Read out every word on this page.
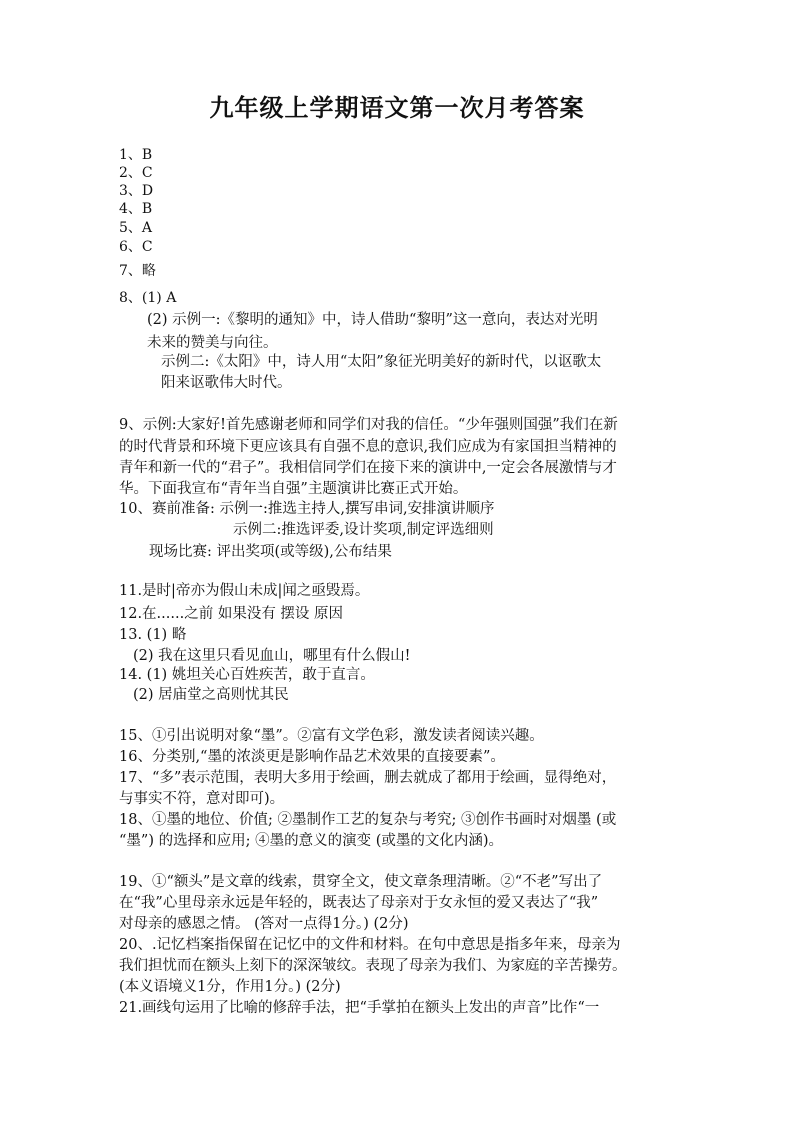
九年级上学期语文第一次月考答案
1、B
2、C
3、D
4、B
5、A
6、C
7、略
8、(1) A
(2) 示例一:《黎明的通知》中，诗人借助“黎明”这一意向，表达对光明
未来的赞美与向往。
示例二:《太阳》中，诗人用“太阳”象征光明美好的新时代，以讴歌太
阳来讴歌伟大时代。
9、示例:大家好!首先感谢老师和同学们对我的信任。“少年强则国强”我们在新
的时代背景和环境下更应该具有自强不息的意识,我们应成为有家国担当精神的
青年和新一代的“君子”。我相信同学们在接下来的演讲中,一定会各展激情与才
华。下面我宣布“青年当自强”主题演讲比赛正式开始。
10、赛前准备: 示例一:推选主持人,撰写串词,安排演讲顺序
示例二:推选评委,设计奖项,制定评选细则
现场比赛: 评出奖项(或等级),公布结果
11.是时|帝亦为假山未成|闻之亟毁焉。
12.在......之前 如果没有 摆设 原因
13. (1) 略
(2) 我在这里只看见血山，哪里有什么假山!
14. (1) 姚坦关心百姓疾苦，敢于直言。
(2) 居庙堂之高则忧其民
15、①引出说明对象“墨”。②富有文学色彩，激发读者阅读兴趣。
16、分类别,“墨的浓淡更是影响作品艺术效果的直接要素”。
17、“多”表示范围，表明大多用于绘画，删去就成了都用于绘画，显得绝对，
与事实不符，意对即可)。
18、①墨的地位、价值; ②墨制作工艺的复杂与考究; ③创作书画时对烟墨 (或
“墨”) 的选择和应用; ④墨的意义的演变 (或墨的文化内涵)。
19、①“额头”是文章的线索，贯穿全文，使文章条理清晰。②“不老”写出了
在“我”心里母亲永远是年轻的，既表达了母亲对于女永恒的爱又表达了“我”
对母亲的感恩之情。 (答对一点得1分。) (2分)
20、.记忆档案指保留在记忆中的文件和材料。在句中意思是指多年来，母亲为
我们担忧而在额头上刻下的深深皱纹。表现了母亲为我们、为家庭的辛苦操劳。
(本义语境义1分，作用1分。) (2分)
21.画线句运用了比喻的修辞手法，把“手掌拍在额头上发出的声音”比作“一
